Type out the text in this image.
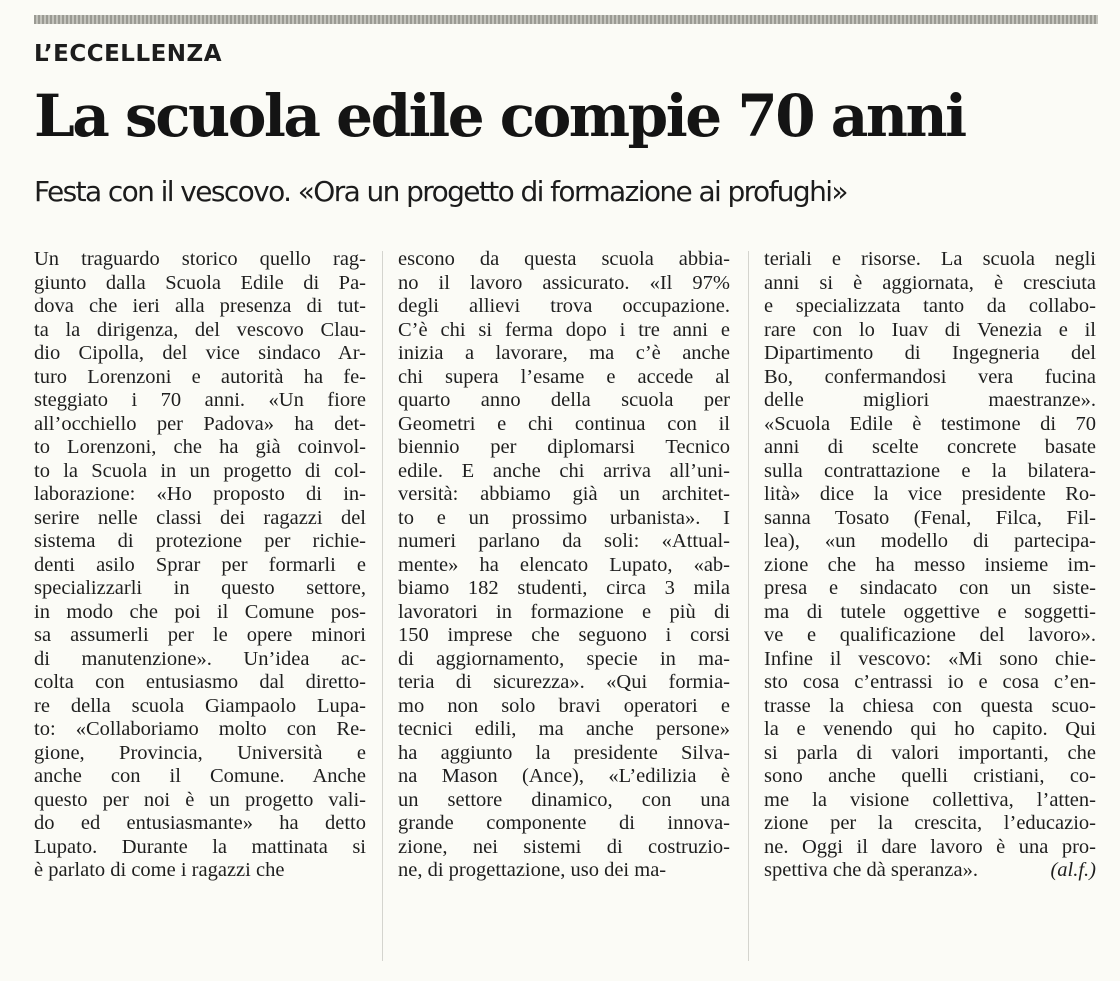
L’ECCELLENZA
La scuola edile compie 70 anni
Festa con il vescovo. «Ora un progetto di formazione ai profughi»
Un traguardo storico quello rag-
giunto dalla Scuola Edile di Pa-
dova che ieri alla presenza di tut-
ta la dirigenza, del vescovo Clau-
dio Cipolla, del vice sindaco Ar-
turo Lorenzoni e autorità ha fe-
steggiato i 70 anni. «Un fiore
all’occhiello per Padova» ha det-
to Lorenzoni, che ha già coinvol-
to la Scuola in un progetto di col-
laborazione: «Ho proposto di in-
serire nelle classi dei ragazzi del
sistema di protezione per richie-
denti asilo Sprar per formarli e
specializzarli in questo settore,
in modo che poi il Comune pos-
sa assumerli per le opere minori
di manutenzione». Un’idea ac-
colta con entusiasmo dal diretto-
re della scuola Giampaolo Lupa-
to: «Collaboriamo molto con Re-
gione, Provincia, Università e
anche con il Comune. Anche
questo per noi è un progetto vali-
do ed entusiasmante» ha detto
Lupato. Durante la mattinata si
è parlato di come i ragazzi che
escono da questa scuola abbia-
no il lavoro assicurato. «Il 97%
degli allievi trova occupazione.
C’è chi si ferma dopo i tre anni e
inizia a lavorare, ma c’è anche
chi supera l’esame e accede al
quarto anno della scuola per
Geometri e chi continua con il
biennio per diplomarsi Tecnico
edile. E anche chi arriva all’uni-
versità: abbiamo già un architet-
to e un prossimo urbanista». I
numeri parlano da soli: «Attual-
mente» ha elencato Lupato, «ab-
biamo 182 studenti, circa 3 mila
lavoratori in formazione e più di
150 imprese che seguono i corsi
di aggiornamento, specie in ma-
teria di sicurezza». «Qui formia-
mo non solo bravi operatori e
tecnici edili, ma anche persone»
ha aggiunto la presidente Silva-
na Mason (Ance), «L’edilizia è
un settore dinamico, con una
grande componente di innova-
zione, nei sistemi di costruzio-
ne, di progettazione, uso dei ma-
teriali e risorse. La scuola negli
anni si è aggiornata, è cresciuta
e specializzata tanto da collabo-
rare con lo Iuav di Venezia e il
Dipartimento di Ingegneria del
Bo, confermandosi vera fucina
delle migliori maestranze».
«Scuola Edile è testimone di 70
anni di scelte concrete basate
sulla contrattazione e la bilatera-
lità» dice la vice presidente Ro-
sanna Tosato (Fenal, Filca, Fil-
lea), «un modello di partecipa-
zione che ha messo insieme im-
presa e sindacato con un siste-
ma di tutele oggettive e soggetti-
ve e qualificazione del lavoro».
Infine il vescovo: «Mi sono chie-
sto cosa c’entrassi io e cosa c’en-
trasse la chiesa con questa scuo-
la e venendo qui ho capito. Qui
si parla di valori importanti, che
sono anche quelli cristiani, co-
me la visione collettiva, l’atten-
zione per la crescita, l’educazio-
ne. Oggi il dare lavoro è una pro-
spettiva che dà speranza».	(al.f.)
